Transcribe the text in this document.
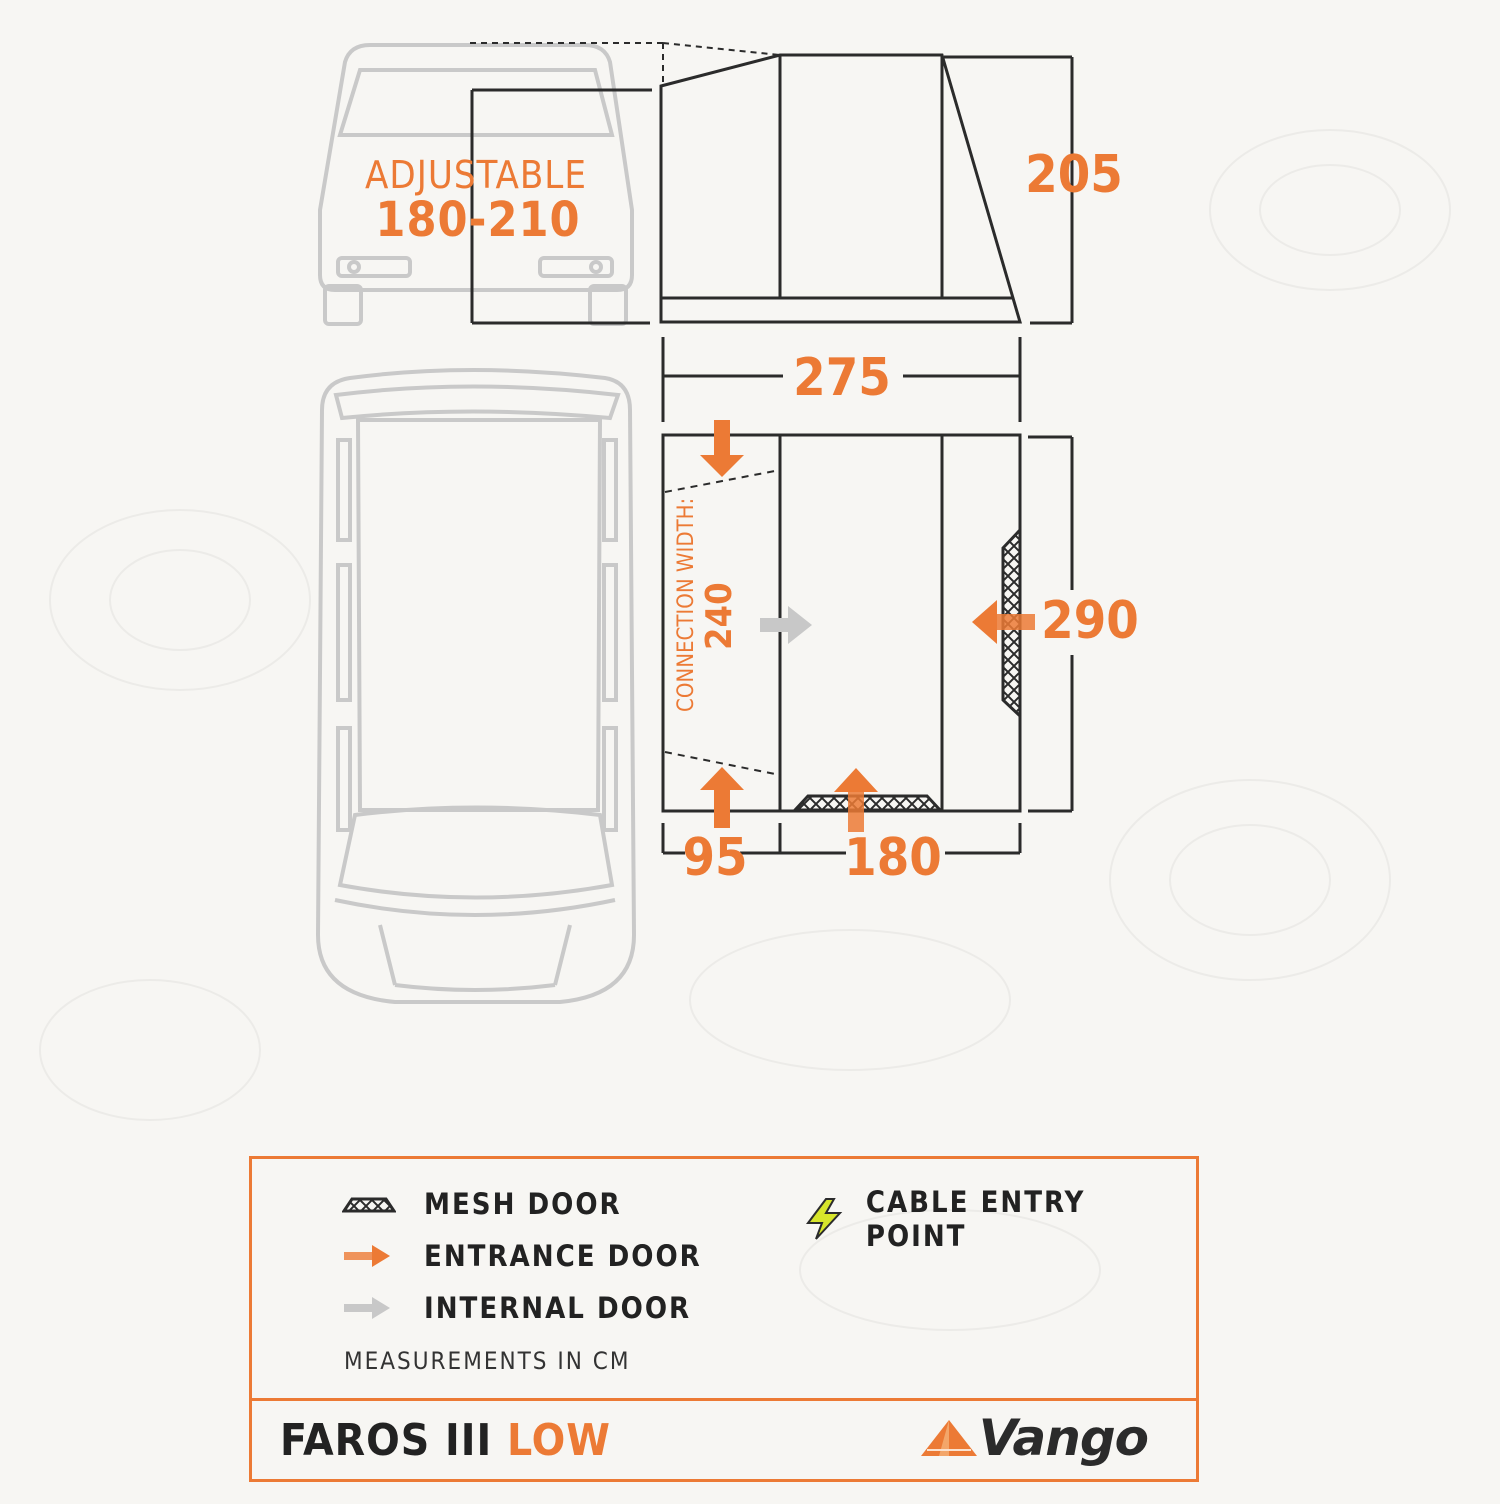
ADJUSTABLE
180-210
205
275
290
95 180
CONNECTION WIDTH: 240
MESH DOOR
ENTRANCE DOOR
INTERNAL DOOR
CABLE ENTRY POINT
MEASUREMENTS IN CM
FAROS III LOW	Vango
